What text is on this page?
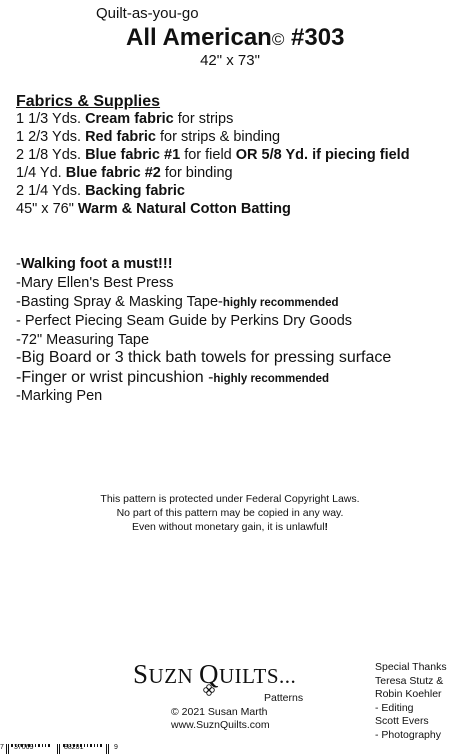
Quilt-as-you-go
All American© #303
42" x 73"
Fabrics & Supplies
1 1/3 Yds. Cream fabric for strips
1 2/3 Yds. Red fabric for strips & binding
2 1/8 Yds. Blue fabric #1 for field OR 5/8 Yd. if piecing field
1/4 Yd. Blue fabric #2 for binding
2 1/4 Yds. Backing fabric
45" x 76" Warm & Natural Cotton Batting
-Walking foot a must!!!
-Mary Ellen's Best Press
-Basting Spray & Masking Tape-highly recommended
- Perfect Piecing Seam Guide by Perkins Dry Goods
-72" Measuring Tape
-Big Board or 3 thick bath towels for pressing surface
-Finger or wrist pincushion -highly recommended
-Marking Pen
This pattern is protected under Federal Copyright Laws.
No part of this pattern may be copied in any way.
Even without monetary gain, it is unlawful!
SUZN QUILTS...
Patterns
© 2021 Susan Marth
www.SuznQuilts.com
Special Thanks
Teresa Stutz &
Robin Koehler
- Editing
Scott Evers
- Photography
7 37069	88281	9
